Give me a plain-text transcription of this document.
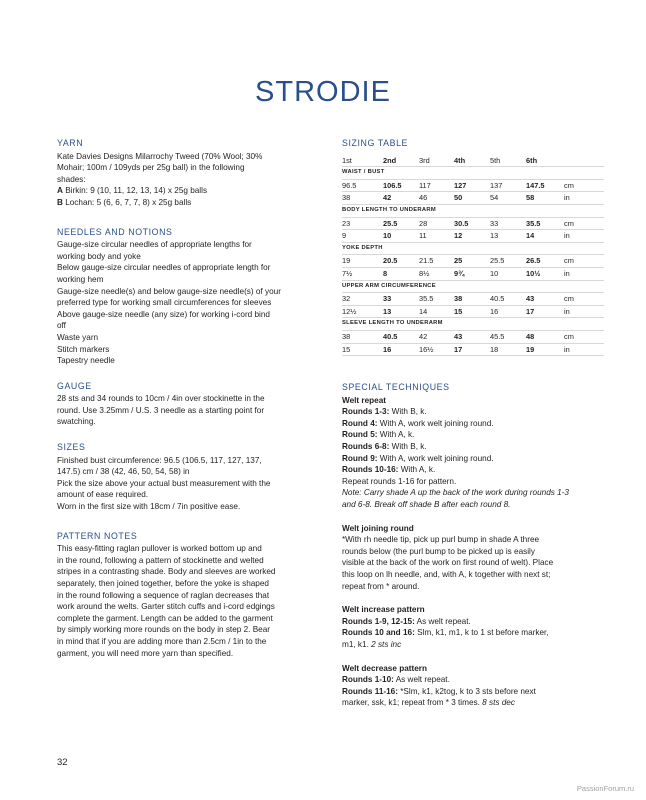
STRODIE
YARN

Kate Davies Designs Milarrochy Tweed (70% Wool; 30%

Mohair; 100m / 109yds per 25g ball) in the following

shades:

A Birkin: 9 (10, 11, 12, 13, 14) x 25g balls

B Lochan: 5 (6, 6, 7, 7, 8) x 25g balls

NEEDLES AND NOTIONS

Gauge-size circular needles of appropriate lengths for

working body and yoke

Below gauge-size circular needles of appropriate length for

working hem

Gauge-size needle(s) and below gauge-size needle(s) of your

preferred type for working small circumferences for sleeves

Above gauge-size needle (any size) for working i-cord bind

off

Waste yarn

Stitch markers

Tapestry needle

GAUGE

28 sts and 34 rounds to 10cm / 4in over stockinette in the

round. Use 3.25mm / U.S. 3 needle as a starting point for

swatching.

SIZES

Finished bust circumference: 96.5 (106.5, 117, 127, 137,

147.5) cm / 38 (42, 46, 50, 54, 58) in

Pick the size above your actual bust measurement with the

amount of ease required.

Worn in the first size with 18cm / 7in positive ease.

PATTERN NOTES

This easy-fitting raglan pullover is worked bottom up and

in the round, following a pattern of stockinette and welted

stripes in a contrasting shade. Body and sleeves are worked

separately, then joined together, before the yoke is shaped

in the round following a sequence of raglan decreases that

work around the welts. Garter stitch cuffs and i-cord edgings

complete the garment. Length can be added to the garment

by simply working more rounds on the body in step 2. Bear

in mind that if you are adding more than 2.5cm / 1in to the

garment, you will need more yarn than specified.

SIZING TABLE
1st	2nd	3rd	4th	5th	6th	
WAIST / BUST						
96.5	106.5	117	127	137	147.5	cm
38	42	46	50	54	58	in
BODY LENGTH TO UNDERARM						
23	25.5	28	30.5	33	35.5	cm
9	10	11	12	13	14	in
YOKE DEPTH						
19	20.5	21.5	25	25.5	26.5	cm
7½	8	8½	9¾	10	10½	in
UPPER ARM CIRCUMFERENCE						
32	33	35.5	38	40.5	43	cm
12½	13	14	15	16	17	in
SLEEVE LENGTH TO UNDERARM						
38	40.5	42	43	45.5	48	cm
15	16	16½	17	18	19	in
SPECIAL TECHNIQUES

Welt repeat

Rounds 1-3: With B, k.

Round 4: With A, work welt joining round.

Round 5: With A, k.

Rounds 6-8: With B, k.

Round 9: With A, work welt joining round.

Rounds 10-16: With A, k.

Repeat rounds 1-16 for pattern.

Note: Carry shade A up the back of the work during rounds 1-3

and 6-8. Break off shade B after each round 8.

Welt joining round

*With rh needle tip, pick up purl bump in shade A three

rounds below (the purl bump to be picked up is easily

visible at the back of the work on first round of welt). Place

this loop on lh needle, and, with A, k together with next st;

repeat from * around.

Welt increase pattern

Rounds 1-9, 12-15: As welt repeat.

Rounds 10 and 16: Slm, k1, m1, k to 1 st before marker,

m1, k1. 2 sts inc

Welt decrease pattern

Rounds 1-10: As welt repeat.

Rounds 11-16: *Slm, k1, k2tog, k to 3 sts before next

marker, ssk, k1; repeat from * 3 times. 8 sts dec

32
PassionForum.ru
